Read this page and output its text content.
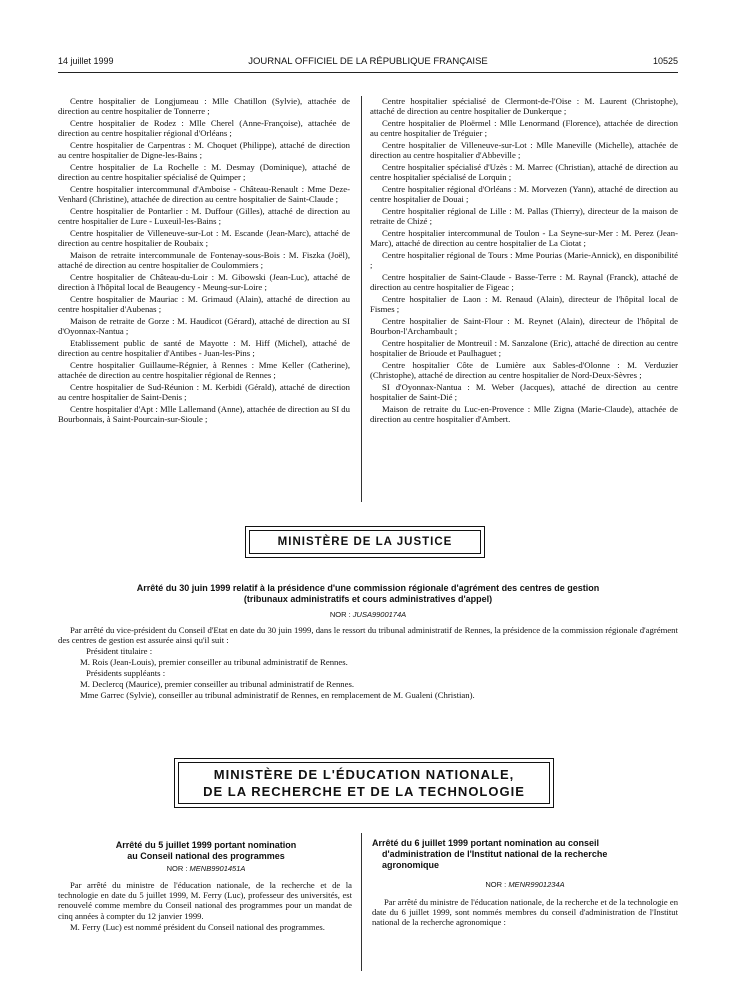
14 juillet 1999	JOURNAL OFFICIEL DE LA RÉPUBLIQUE FRANÇAISE	10525

Centre hospitalier de Longjumeau : Mlle Chatillon (Sylvie), attachée de direction au centre hospitalier de Tonnerre ;

Centre hospitalier de Rodez : Mlle Cherel (Anne-Françoise), attachée de direction au centre hospitalier régional d'Orléans ;

Centre hospitalier de Carpentras : M. Choquet (Philippe), attaché de direction au centre hospitalier de Digne-les-Bains ;

Centre hospitalier de La Rochelle : M. Desmay (Dominique), attaché de direction au centre hospitalier spécialisé de Quimper ;

Centre hospitalier intercommunal d'Amboise - Château-Renault : Mme Deze-Venhard (Christine), attachée de direction au centre hospitalier de Saint-Claude ;

Centre hospitalier de Pontarlier : M. Duffour (Gilles), attaché de direction au centre hospitalier de Lure - Luxeuil-les-Bains ;

Centre hospitalier de Villeneuve-sur-Lot : M. Escande (Jean-Marc), attaché de direction au centre hospitalier de Roubaix ;

Maison de retraite intercommunale de Fontenay-sous-Bois : M. Fiszka (Joël), attaché de direction au centre hospitalier de Coulommiers ;

Centre hospitalier de Château-du-Loir : M. Gibowski (Jean-Luc), attaché de direction à l'hôpital local de Beaugency - Meung-sur-Loire ;

Centre hospitalier de Mauriac : M. Grimaud (Alain), attaché de direction au centre hospitalier d'Aubenas ;

Maison de retraite de Gorze : M. Haudicot (Gérard), attaché de direction au SI d'Oyonnax-Nantua ;

Etablissement public de santé de Mayotte : M. Hiff (Michel), attaché de direction au centre hospitalier d'Antibes - Juan-les-Pins ;

Centre hospitalier Guillaume-Régnier, à Rennes : Mme Keller (Catherine), attachée de direction au centre hospitalier régional de Rennes ;

Centre hospitalier de Sud-Réunion : M. Kerbidi (Gérald), attaché de direction au centre hospitalier de Saint-Denis ;

Centre hospitalier d'Apt : Mlle Lallemand (Anne), attachée de direction au SI du Bourbonnais, à Saint-Pourcain-sur-Sioule ;

Centre hospitalier spécialisé de Clermont-de-l'Oise : M. Laurent (Christophe), attaché de direction au centre hospitalier de Dunkerque ;

Centre hospitalier de Ploërmel : Mlle Lenormand (Florence), attachée de direction au centre hospitalier de Tréguier ;

Centre hospitalier de Villeneuve-sur-Lot : Mlle Maneville (Michelle), attachée de direction au centre hospitalier d'Abbeville ;

Centre hospitalier spécialisé d'Uzès : M. Marrec (Christian), attaché de direction au centre hospitalier spécialisé de Lorquin ;

Centre hospitalier régional d'Orléans : M. Morvezen (Yann), attaché de direction au centre hospitalier de Douai ;

Centre hospitalier régional de Lille : M. Pallas (Thierry), directeur de la maison de retraite de Chizé ;

Centre hospitalier intercommunal de Toulon - La Seyne-sur-Mer : M. Perez (Jean-Marc), attaché de direction au centre hospitalier de La Ciotat ;

Centre hospitalier régional de Tours : Mme Pourias (Marie-Annick), en disponibilité ;

Centre hospitalier de Saint-Claude - Basse-Terre : M. Raynal (Franck), attaché de direction au centre hospitalier de Figeac ;

Centre hospitalier de Laon : M. Renaud (Alain), directeur de l'hôpital local de Fismes ;

Centre hospitalier de Saint-Flour : M. Reynet (Alain), directeur de l'hôpital de Bourbon-l'Archambault ;

Centre hospitalier de Montreuil : M. Sanzalone (Eric), attaché de direction au centre hospitalier de Brioude et Paulhaguet ;

Centre hospitalier Côte de Lumière aux Sables-d'Olonne : M. Verduzier (Christophe), attaché de direction au centre hospitalier de Nord-Deux-Sèvres ;

SI d'Oyonnax-Nantua : M. Weber (Jacques), attaché de direction au centre hospitalier de Saint-Dié ;

Maison de retraite du Luc-en-Provence : Mlle Zigna (Marie-Claude), attachée de direction au centre hospitalier d'Ambert.

MINISTÈRE DE LA JUSTICE
Arrêté du 30 juin 1999 relatif à la présidence d'une commission régionale d'agrément des centres de gestion
(tribunaux administratifs et cours administratives d'appel)
NOR : JUSA9900174A

Par arrêté du vice-président du Conseil d'Etat en date du 30 juin 1999, dans le ressort du tribunal administratif de Rennes, la présidence de la commission régionale d'agrément des centres de gestion est assurée ainsi qu'il suit :

Président titulaire :

M. Rois (Jean-Louis), premier conseiller au tribunal administratif de Rennes.

Présidents suppléants :

M. Declercq (Maurice), premier conseiller au tribunal administratif de Rennes.

Mme Garrec (Sylvie), conseiller au tribunal administratif de Rennes, en remplacement de M. Gualeni (Christian).

MINISTÈRE DE L'ÉDUCATION NATIONALE,
DE LA RECHERCHE ET DE LA TECHNOLOGIE
Arrêté du 5 juillet 1999 portant nomination
au Conseil national des programmes
NOR : MENB9901451A

Par arrêté du ministre de l'éducation nationale, de la recherche et de la technologie en date du 5 juillet 1999, M. Ferry (Luc), professeur des universités, est renouvelé comme membre du Conseil national des programmes pour un mandat de cinq années à compter du 12 janvier 1999.

M. Ferry (Luc) est nommé président du Conseil national des programmes.

Arrêté du 6 juillet 1999 portant nomination au conseil
d'administration de l'Institut national de la recherche
agronomique
NOR : MENR9901234A

Par arrêté du ministre de l'éducation nationale, de la recherche et de la technologie en date du 6 juillet 1999, sont nommés membres du conseil d'administration de l'Institut national de la recherche agronomique :
